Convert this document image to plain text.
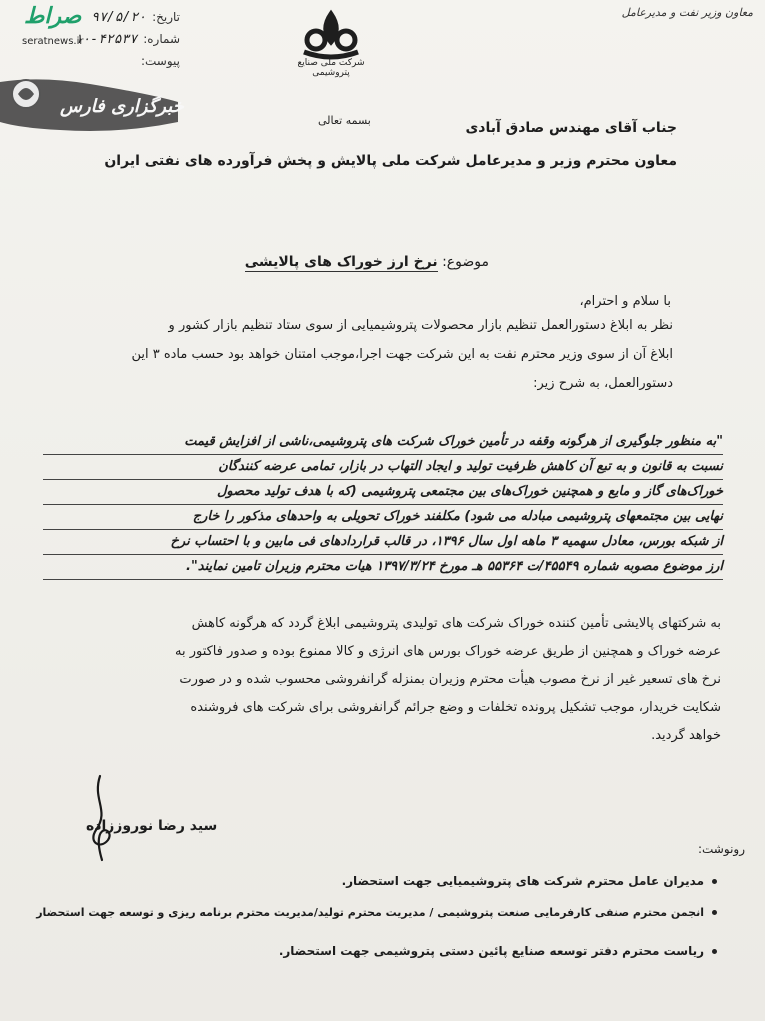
تاریخ:
۹۷/۵/۲۰
شماره:
۱۰-۴۲۵۳۷
پیوست:
صراط
seratnews.ir
خبرگزاری فارس
معاون وزیر نفت و مدیرعامل
شرکت ملی صنایع پتروشیمی
بسمه تعالی	جناب آقای مهندس صادق آبادی
معاون محترم وزیر و مدیرعامل شرکت ملی پالایش و پخش فرآورده های نفتی ایران
موضوع: نرخ ارز خوراک های پالایشی
با سلام و احترام،
نظر به ابلاغ دستورالعمل تنظیم بازار محصولات پتروشیمیایی از سوی ستاد تنظیم بازار کشور و
ابلاغ آن از سوی وزیر محترم نفت به این شرکت جهت اجرا،موجب امتنان خواهد بود حسب ماده ۳ این
دستورالعمل، به شرح زیر:
"به منظور جلوگیری از هرگونه وقفه در تأمین خوراک شرکت های پتروشیمی،ناشی از افزایش قیمت
نسبت به قانون و به تبع آن کاهش ظرفیت تولید و ایجاد التهاب در بازار، تمامی عرضه کنندگان
خوراک‌های گاز و مایع و همچنین خوراک‌های بین مجتمعی پتروشیمی (که با هدف تولید محصول
نهایی بین مجتمعهای پتروشیمی مبادله می شود) مکلفند خوراک تحویلی به واحدهای مذکور را خارج
از شبکه بورس، معادل سهمیه ۳ ماهه اول سال ۱۳۹۶، در قالب قراردادهای فی مابین و با احتساب نرخ
ارز موضوع مصوبه شماره ۴۵۵۴۹/ت ۵۵۳۶۴ هـ مورخ ۱۳۹۷/۳/۲۴ هیات محترم وزیران تامین نمایند".
به شرکتهای پالایشی تأمین کننده خوراک شرکت های تولیدی پتروشیمی ابلاغ گردد که هرگونه کاهش
عرضه خوراک و همچنین از طریق عرضه خوراک بورس های انرژی و کالا ممنوع بوده و صدور فاکتور به
نرخ های تسعیر غیر از نرخ مصوب هیأت محترم وزیران بمنزله گرانفروشی محسوب شده و در صورت
شکایت خریدار، موجب تشکیل پرونده تخلفات و وضع جرائم گرانفروشی برای شرکت های فروشنده
خواهد گردید.
سید رضا نوروززاده
رونوشت:
مدیران عامل محترم شرکت های پتروشیمیایی جهت استحضار.
انجمن محترم صنفی کارفرمایی صنعت پتروشیمی / مدیریت محترم تولید/مدیریت محترم برنامه ریزی و توسعه جهت استحضار
ریاست محترم دفتر توسعه صنایع پائین دستی پتروشیمی جهت استحضار.
